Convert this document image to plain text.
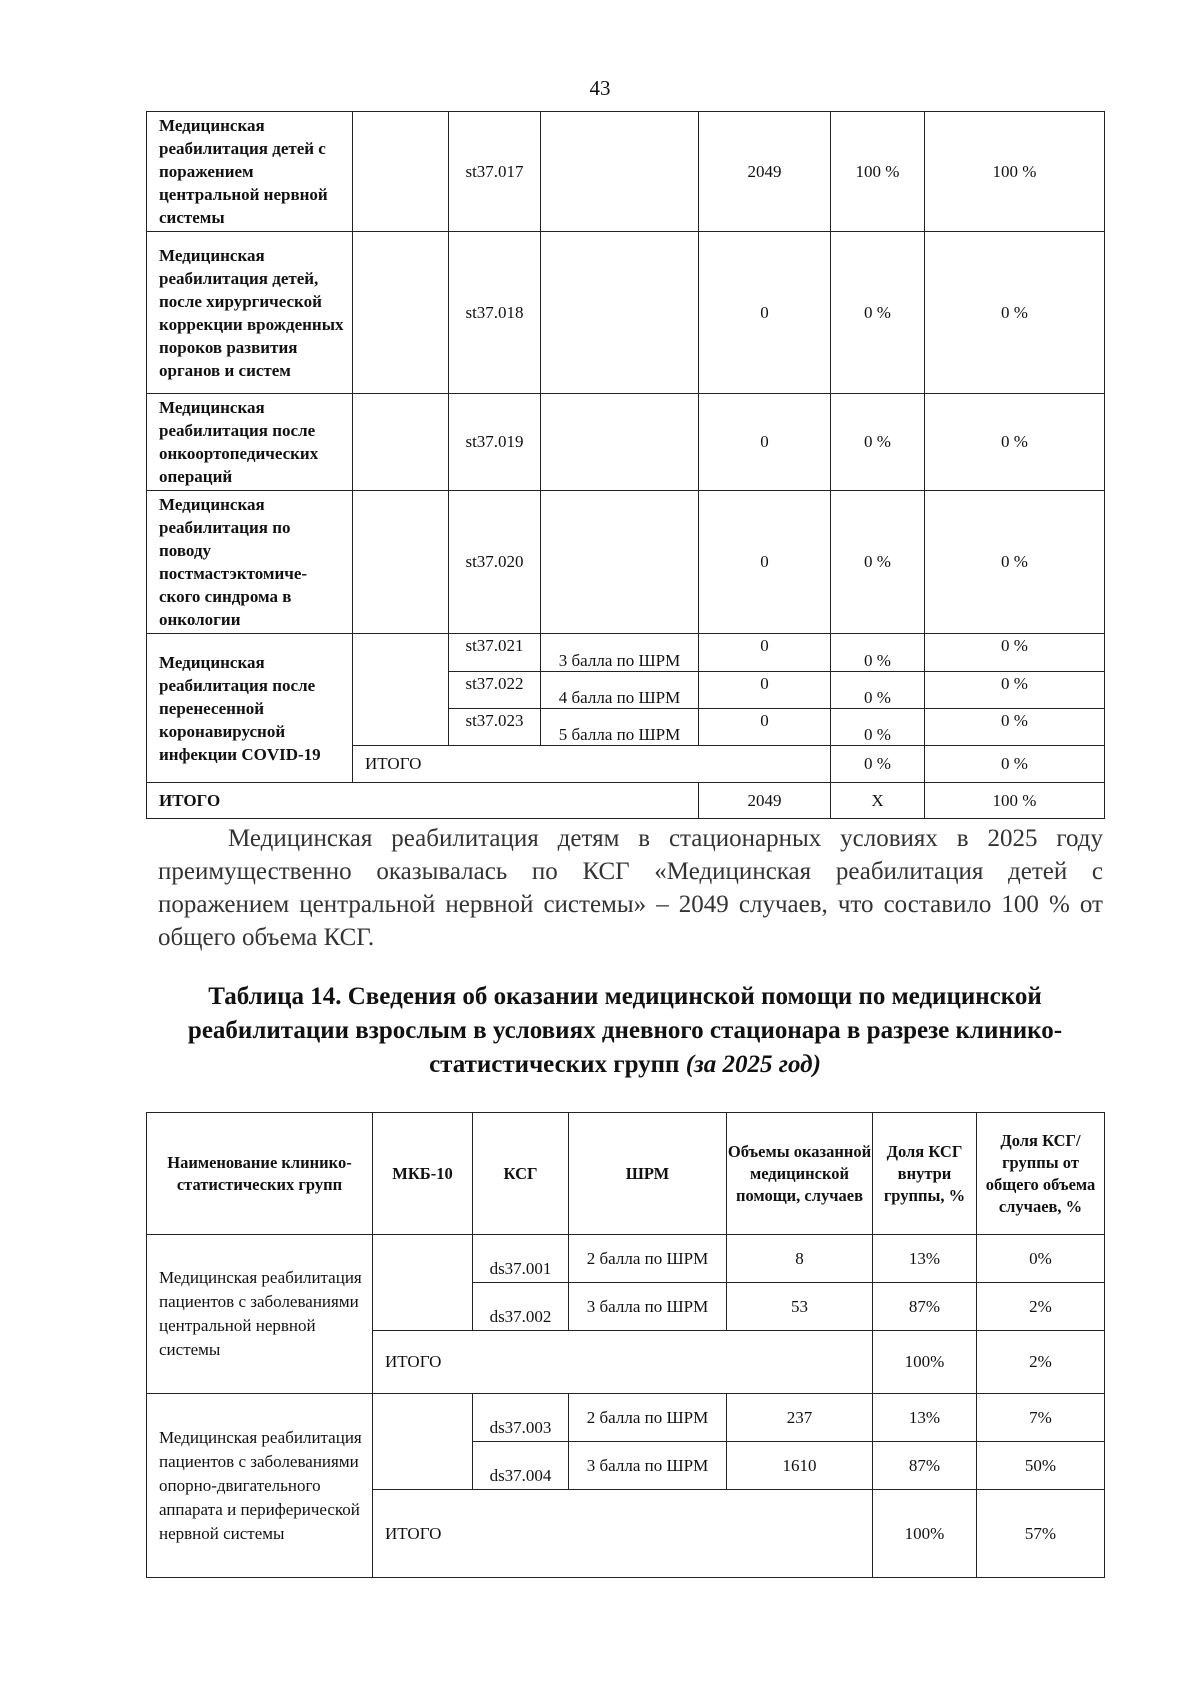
43
Медицинская реабилитация детей с поражением центральной нервной системы		st37.017		2049	100 %	100 %
Медицинская реабилитация детей, после хирургической коррекции врожденных пороков развития органов и систем		st37.018		0	0 %	0 %
Медицинская реабилитация после онкоортопедических операций		st37.019		0	0 %	0 %
Медицинская реабилитация по поводу постмастэктомиче-ского синдрома в онкологии		st37.020		0	0 %	0 %
Медицинская реабилитация после перенесенной коронавирусной инфекции COVID-19		st37.021	3 балла по ШРМ	0	0 %	0 %
		st37.022	4 балла по ШРМ	0	0 %	0 %
		st37.023	5 балла по ШРМ	0	0 %	0 %
	ИТОГО				0 %	0 %
ИТОГО				2049	Х	100 %

Медицинская реабилитация детям в стационарных условиях в 2025 году преимущественно оказывалась по КСГ «Медицинская реабилитация детей с поражением центральной нервной системы» – 2049 случаев, что составило 100 % от общего объема КСГ.

Таблица 14. Сведения об оказании медицинской помощи по медицинской реабилитации взрослым в условиях дневного стационара в разрезе клинико- статистических групп (за 2025 год)
Наименование клинико-статистических групп	МКБ-10	КСГ	ШРМ	Объемы оказанной медицинской помощи, случаев	Доля КСГ внутри группы, %	Доля КСГ/группы от общего объема случаев, %
Медицинская реабилитация пациентов с заболеваниями центральной нервной системы		ds37.001	2 балла по ШРМ	8	13%	0%
		ds37.002	3 балла по ШРМ	53	87%	2%
	ИТОГО				100%	2%
Медицинская реабилитация пациентов с заболеваниями опорно-двигательного аппарата и периферической нервной системы		ds37.003	2 балла по ШРМ	237	13%	7%
		ds37.004	3 балла по ШРМ	1610	87%	50%
	ИТОГО				100%	57%
